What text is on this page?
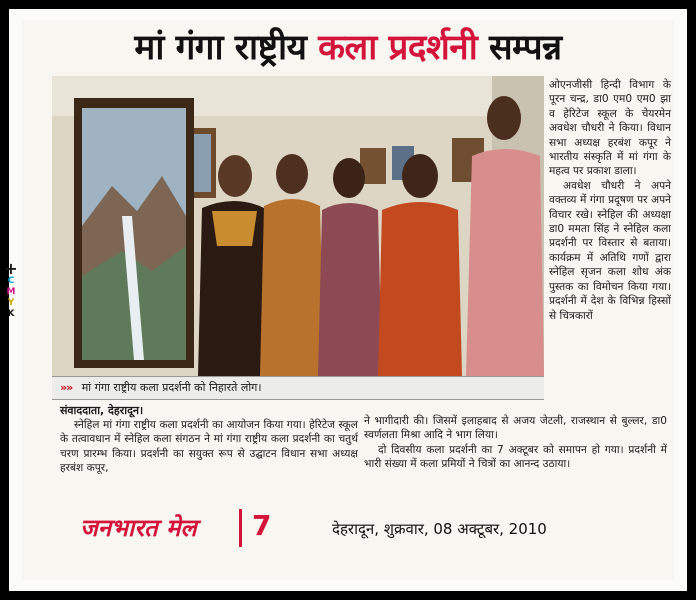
मां गंगा राष्ट्रीय कला प्रदर्शनी सम्पन्न
»» मां गंगा राष्ट्रीय कला प्रदर्शनी को निहारते लोग।

ओएनजीसी हिन्दी विभाग के पूरन चन्द्र, डा0 एम0 एम0 झा व हेरिटेज स्कूल के चेयरमेन अवधेश चौधरी ने किया। विधान सभा अध्यक्ष हरबंश कपूर ने भारतीय संस्कृति में मां गंगा के महत्व पर प्रकाश डाला।

अवधेश चौधरी ने अपने वक्तव्य में गंगा प्रदूषण पर अपने विचार रखे। स्नेहिल की अध्यक्षा डा0 ममता सिंह ने स्नेहिल कला प्रदर्शनी पर विस्तार से बताया। कार्यक्रम में अतिथि गणों द्वारा स्नेहिल सृजन कला शोध अंक पुस्तक का विमोचन किया गया। प्रदर्शनी में देश के विभिन्न हिस्सों से चित्रकारों

संवाददाता, देहरादून।

स्नेहिल मां गंगा राष्ट्रीय कला प्रदर्शनी का आयोजन किया गया। हेरिटेज स्कूल के तत्वावधान में स्नेहिल कला संगठन ने मां गंगा राष्ट्रीय कला प्रदर्शनी का चतुर्थ चरण प्रारम्भ किया। प्रदर्शनी का सयुक्त रूप से उद्घाटन विधान सभा अध्यक्ष हरबंश कपूर,

ने भागीदारी की। जिसमें इलाहबाद से अजय जेटली, राजस्थान से बुल्लर, डा0 स्वर्णलता मिश्रा आदि ने भाग लिया।

दो दिवसीय कला प्रदर्शनी का 7 अक्टूबर को समापन हो गया। प्रदर्शनी में भारी संख्या में कला प्रमियों ने चित्रों का आनन्द उठाया।

जनभारत मेल 7	देहरादून, शुक्रवार, 08 अक्टूबर, 2010
+
C
M
Y
K
